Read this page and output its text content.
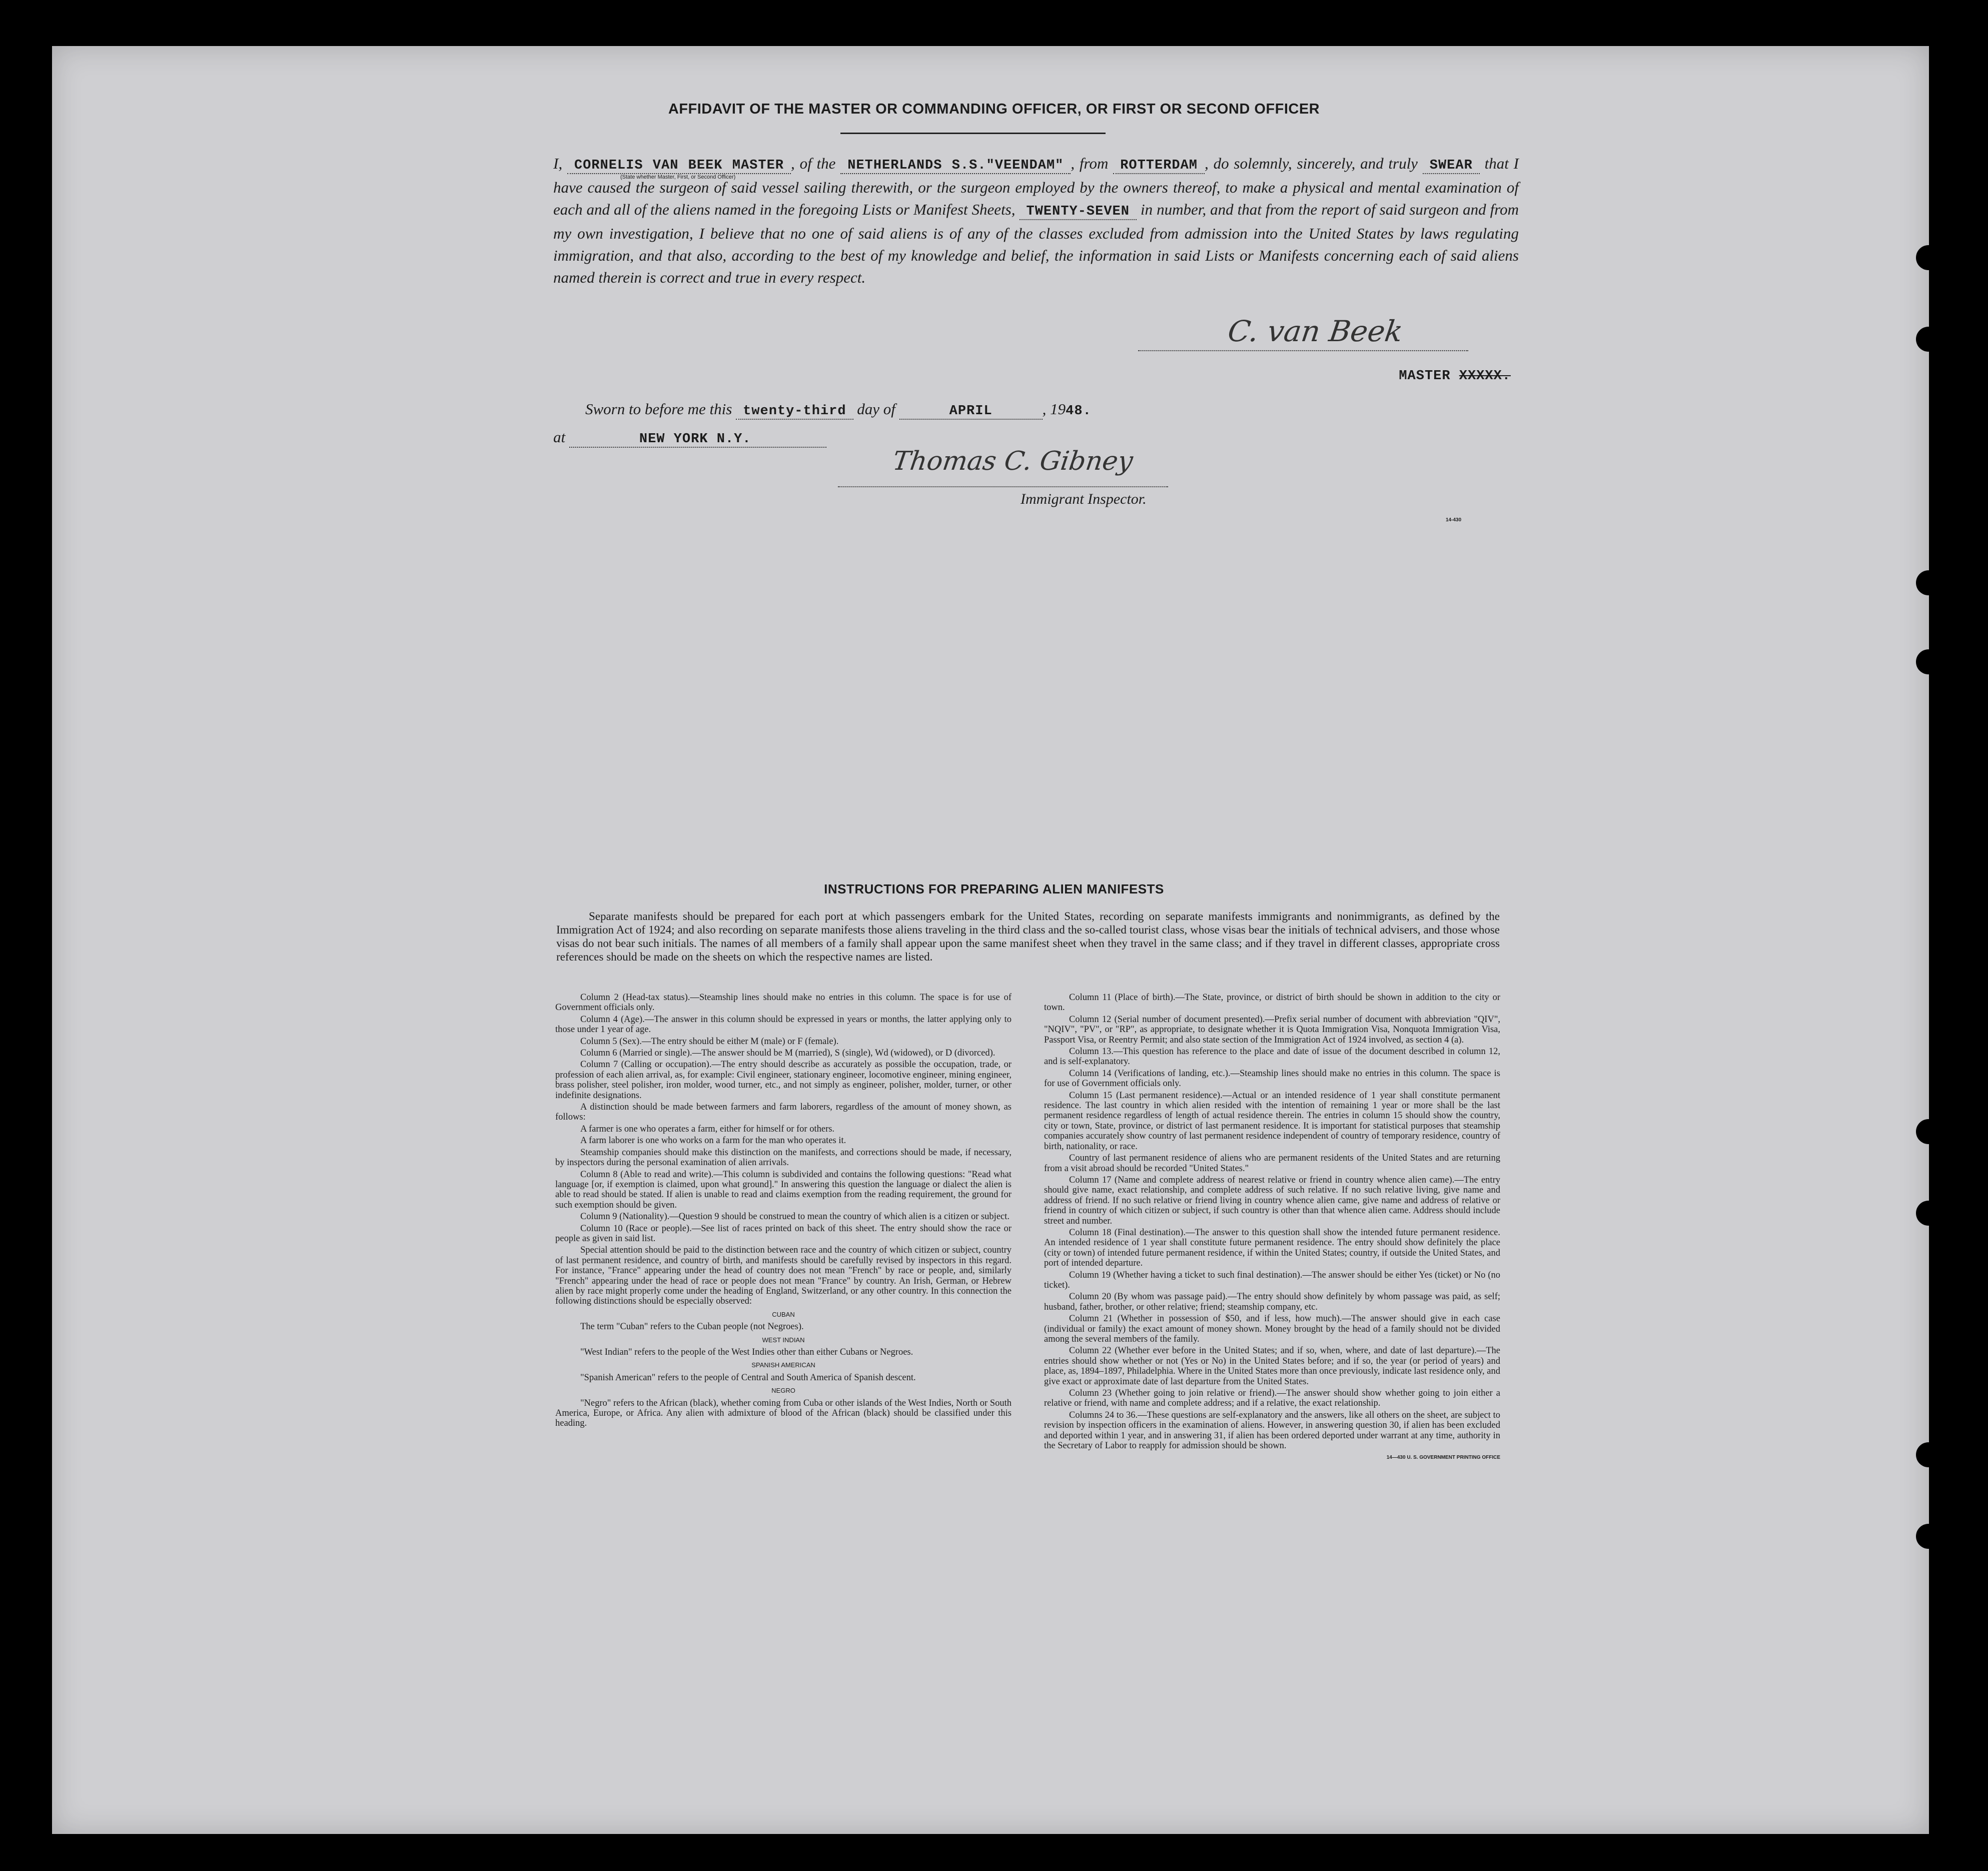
AFFIDAVIT OF THE MASTER OR COMMANDING OFFICER, OR FIRST OR SECOND OFFICER
I, CORNELIS VAN BEEK MASTER , of the NETHERLANDS S.S."VEENDAM" , from ROTTERDAM , do solemnly, sincerely, and truly SWEAR that I have caused the surgeon of said vessel sailing therewith, or the surgeon employed by the owners thereof, to make a physical and mental examination of each and all of the aliens named in the foregoing Lists or Manifest Sheets, TWENTY-SEVEN in number, and that from the report of said surgeon and from my own investigation, I believe that no one of said aliens is of any of the classes excluded from admission into the United States by laws regulating immigration, and that also, according to the best of my knowledge and belief, the information in said Lists or Manifests concerning each of said aliens named therein is correct and true in every respect.
(State whether Master, First, or Second Officer)
C. van Beek
MASTER XXXXX.
Sworn to before me this twenty-third day of	APRIL	, 1948.
at	NEW YORK N.Y.
Thomas C. Gibney
Immigrant Inspector.
14-430
INSTRUCTIONS FOR PREPARING ALIEN MANIFESTS
Separate manifests should be prepared for each port at which passengers embark for the United States, recording on separate manifests immigrants and nonimmigrants, as defined by the Immigration Act of 1924; and also recording on separate manifests those aliens traveling in the third class and the so-called tourist class, whose visas bear the initials of technical advisers, and those whose visas do not bear such initials. The names of all members of a family shall appear upon the same manifest sheet when they travel in the same class; and if they travel in different classes, appropriate cross references should be made on the sheets on which the respective names are listed.

Column 2 (Head-tax status).—Steamship lines should make no entries in this column. The space is for use of Government officials only.

Column 4 (Age).—The answer in this column should be expressed in years or months, the latter applying only to those under 1 year of age.

Column 5 (Sex).—The entry should be either M (male) or F (female).

Column 6 (Married or single).—The answer should be M (married), S (single), Wd (widowed), or D (divorced).

Column 7 (Calling or occupation).—The entry should describe as accurately as possible the occupation, trade, or profession of each alien arrival, as, for example: Civil engineer, stationary engineer, locomotive engineer, mining engineer, brass polisher, steel polisher, iron molder, wood turner, etc., and not simply as engineer, polisher, molder, turner, or other indefinite designations.

A distinction should be made between farmers and farm laborers, regardless of the amount of money shown, as follows:

A farmer is one who operates a farm, either for himself or for others.

A farm laborer is one who works on a farm for the man who operates it.

Steamship companies should make this distinction on the manifests, and corrections should be made, if necessary, by inspectors during the personal examination of alien arrivals.

Column 8 (Able to read and write).—This column is subdivided and contains the following questions: "Read what language [or, if exemption is claimed, upon what ground]." In answering this question the language or dialect the alien is able to read should be stated. If alien is unable to read and claims exemption from the reading requirement, the ground for such exemption should be given.

Column 9 (Nationality).—Question 9 should be construed to mean the country of which alien is a citizen or subject.

Column 10 (Race or people).—See list of races printed on back of this sheet. The entry should show the race or people as given in said list.

Special attention should be paid to the distinction between race and the country of which citizen or subject, country of last permanent residence, and country of birth, and manifests should be carefully revised by inspectors in this regard. For instance, "France" appearing under the head of country does not mean "French" by race or people, and, similarly "French" appearing under the head of race or people does not mean "France" by country. An Irish, German, or Hebrew alien by race might properly come under the heading of England, Switzerland, or any other country. In this connection the following distinctions should be especially observed:

CUBAN

The term "Cuban" refers to the Cuban people (not Negroes).

WEST INDIAN

"West Indian" refers to the people of the West Indies other than either Cubans or Negroes.

SPANISH AMERICAN

"Spanish American" refers to the people of Central and South America of Spanish descent.

NEGRO

"Negro" refers to the African (black), whether coming from Cuba or other islands of the West Indies, North or South America, Europe, or Africa. Any alien with admixture of blood of the African (black) should be classified under this heading.

Column 11 (Place of birth).—The State, province, or district of birth should be shown in addition to the city or town.

Column 12 (Serial number of document presented).—Prefix serial number of document with abbreviation "QIV", "NQIV", "PV", or "RP", as appropriate, to designate whether it is Quota Immigration Visa, Nonquota Immigration Visa, Passport Visa, or Reentry Permit; and also state section of the Immigration Act of 1924 involved, as section 4 (a).

Column 13.—This question has reference to the place and date of issue of the document described in column 12, and is self-explanatory.

Column 14 (Verifications of landing, etc.).—Steamship lines should make no entries in this column. The space is for use of Government officials only.

Column 15 (Last permanent residence).—Actual or an intended residence of 1 year shall constitute permanent residence. The last country in which alien resided with the intention of remaining 1 year or more shall be the last permanent residence regardless of length of actual residence therein. The entries in column 15 should show the country, city or town, State, province, or district of last permanent residence. It is important for statistical purposes that steamship companies accurately show country of last permanent residence independent of country of temporary residence, country of birth, nationality, or race.

Country of last permanent residence of aliens who are permanent residents of the United States and are returning from a visit abroad should be recorded "United States."

Column 17 (Name and complete address of nearest relative or friend in country whence alien came).—The entry should give name, exact relationship, and complete address of such relative. If no such relative living, give name and address of friend. If no such relative or friend living in country whence alien came, give name and address of relative or friend in country of which citizen or subject, if such country is other than that whence alien came. Address should include street and number.

Column 18 (Final destination).—The answer to this question shall show the intended future permanent residence. An intended residence of 1 year shall constitute future permanent residence. The entry should show definitely the place (city or town) of intended future permanent residence, if within the United States; country, if outside the United States, and port of intended departure.

Column 19 (Whether having a ticket to such final destination).—The answer should be either Yes (ticket) or No (no ticket).

Column 20 (By whom was passage paid).—The entry should show definitely by whom passage was paid, as self; husband, father, brother, or other relative; friend; steamship company, etc.

Column 21 (Whether in possession of $50, and if less, how much).—The answer should give in each case (individual or family) the exact amount of money shown. Money brought by the head of a family should not be divided among the several members of the family.

Column 22 (Whether ever before in the United States; and if so, when, where, and date of last departure).—The entries should show whether or not (Yes or No) in the United States before; and if so, the year (or period of years) and place, as, 1894–1897, Philadelphia. Where in the United States more than once previously, indicate last residence only, and give exact or approximate date of last departure from the United States.

Column 23 (Whether going to join relative or friend).—The answer should show whether going to join either a relative or friend, with name and complete address; and if a relative, the exact relationship.

Columns 24 to 36.—These questions are self-explanatory and the answers, like all others on the sheet, are subject to revision by inspection officers in the examination of aliens. However, in answering question 30, if alien has been excluded and deported within 1 year, and in answering 31, if alien has been ordered deported under warrant at any time, authority in the Secretary of Labor to reapply for admission should be shown.

14—430 U. S. GOVERNMENT PRINTING OFFICE
